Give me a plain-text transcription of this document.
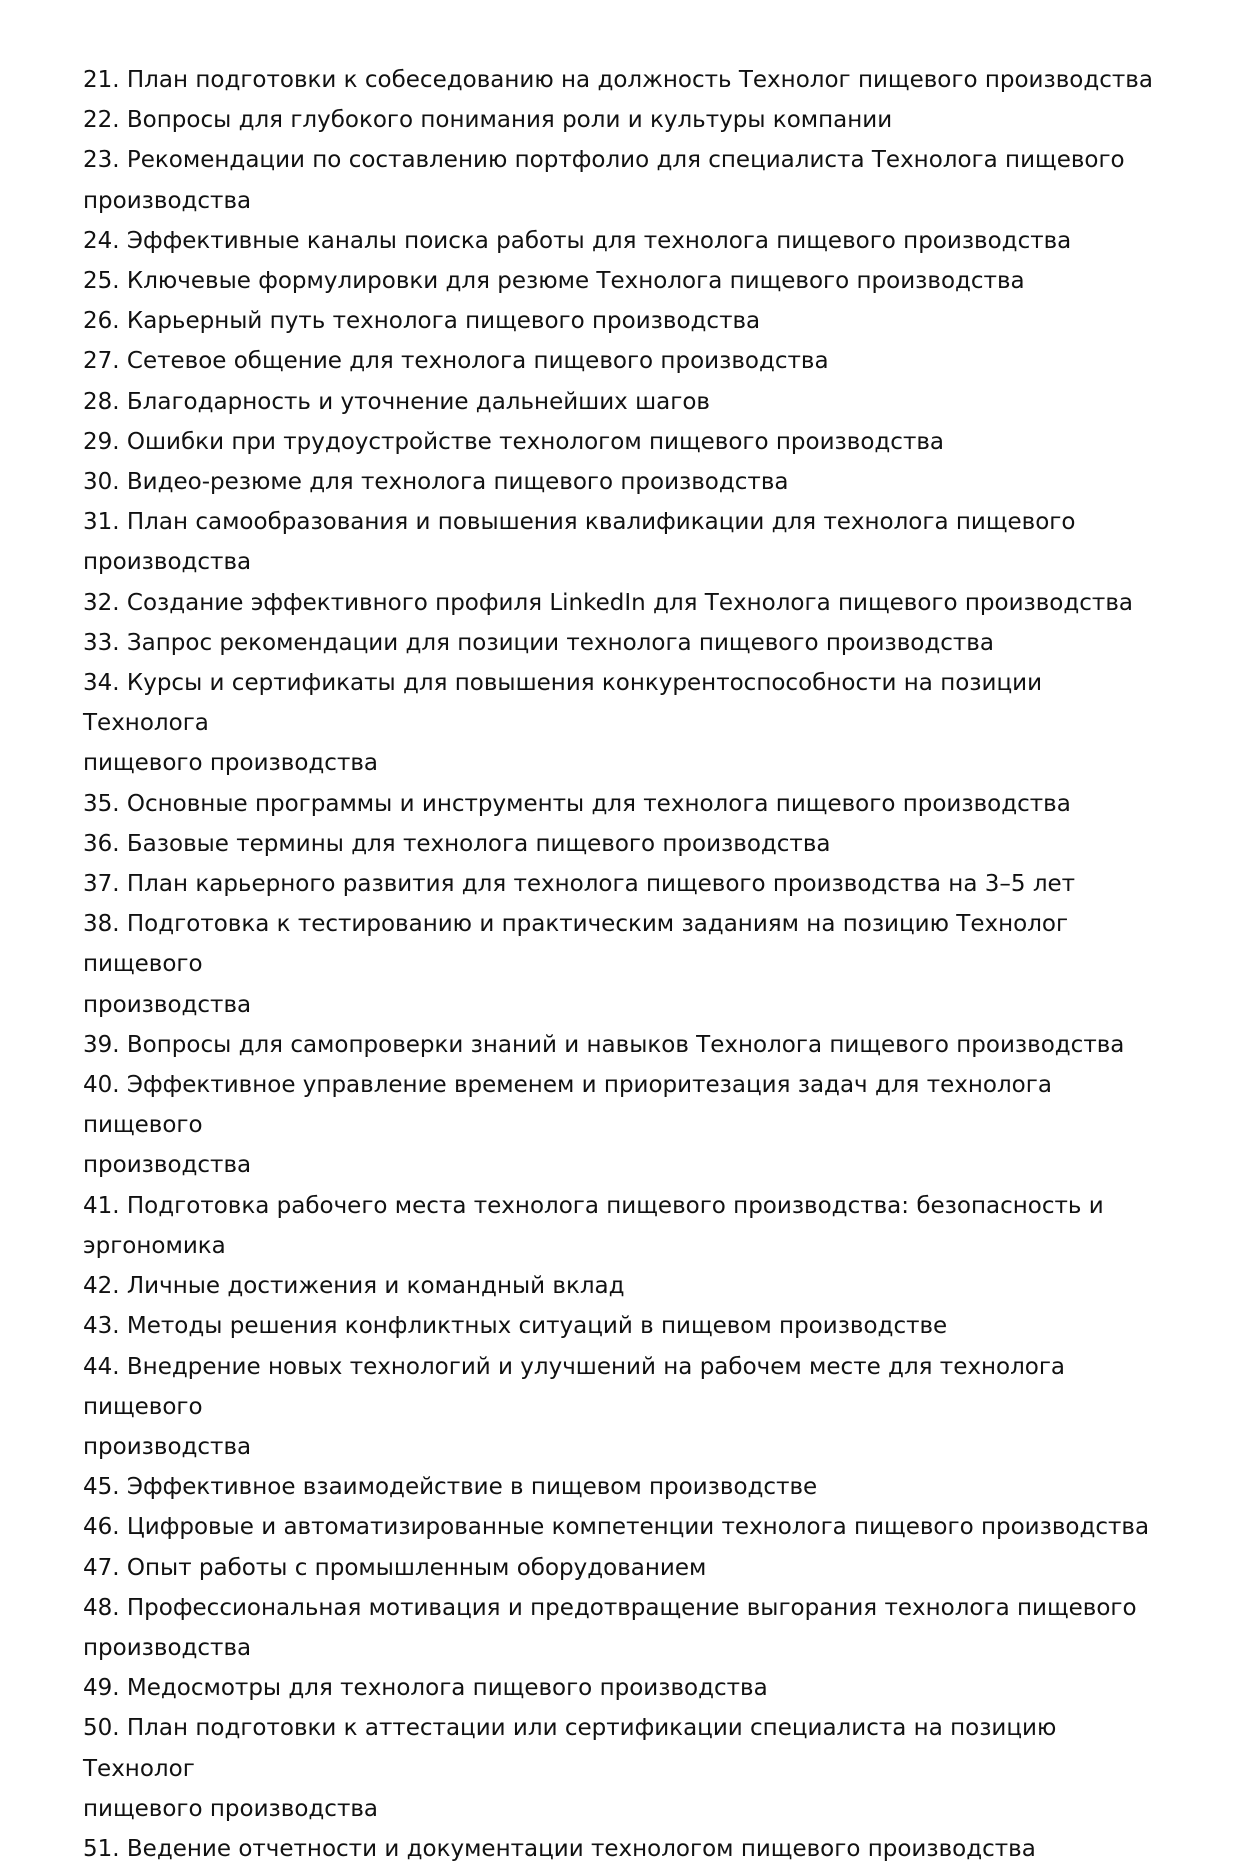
21. План подготовки к собеседованию на должность Технолог пищевого производства
22. Вопросы для глубокого понимания роли и культуры компании
23. Рекомендации по составлению портфолио для специалиста Технолога пищевого
производства
24. Эффективные каналы поиска работы для технолога пищевого производства
25. Ключевые формулировки для резюме Технолога пищевого производства
26. Карьерный путь технолога пищевого производства
27. Сетевое общение для технолога пищевого производства
28. Благодарность и уточнение дальнейших шагов
29. Ошибки при трудоустройстве технологом пищевого производства
30. Видео-резюме для технолога пищевого производства
31. План самообразования и повышения квалификации для технолога пищевого
производства
32. Создание эффективного профиля LinkedIn для Технолога пищевого производства
33. Запрос рекомендации для позиции технолога пищевого производства
34. Курсы и сертификаты для повышения конкурентоспособности на позиции Технолога
пищевого производства
35. Основные программы и инструменты для технолога пищевого производства
36. Базовые термины для технолога пищевого производства
37. План карьерного развития для технолога пищевого производства на 3–5 лет
38. Подготовка к тестированию и практическим заданиям на позицию Технолог пищевого
производства
39. Вопросы для самопроверки знаний и навыков Технолога пищевого производства
40. Эффективное управление временем и приоритезация задач для технолога пищевого
производства
41. Подготовка рабочего места технолога пищевого производства: безопасность и
эргономика
42. Личные достижения и командный вклад
43. Методы решения конфликтных ситуаций в пищевом производстве
44. Внедрение новых технологий и улучшений на рабочем месте для технолога пищевого
производства
45. Эффективное взаимодействие в пищевом производстве
46. Цифровые и автоматизированные компетенции технолога пищевого производства
47. Опыт работы с промышленным оборудованием
48. Профессиональная мотивация и предотвращение выгорания технолога пищевого
производства
49. Медосмотры для технолога пищевого производства
50. План подготовки к аттестации или сертификации специалиста на позицию Технолог
пищевого производства
51. Ведение отчетности и документации технологом пищевого производства
